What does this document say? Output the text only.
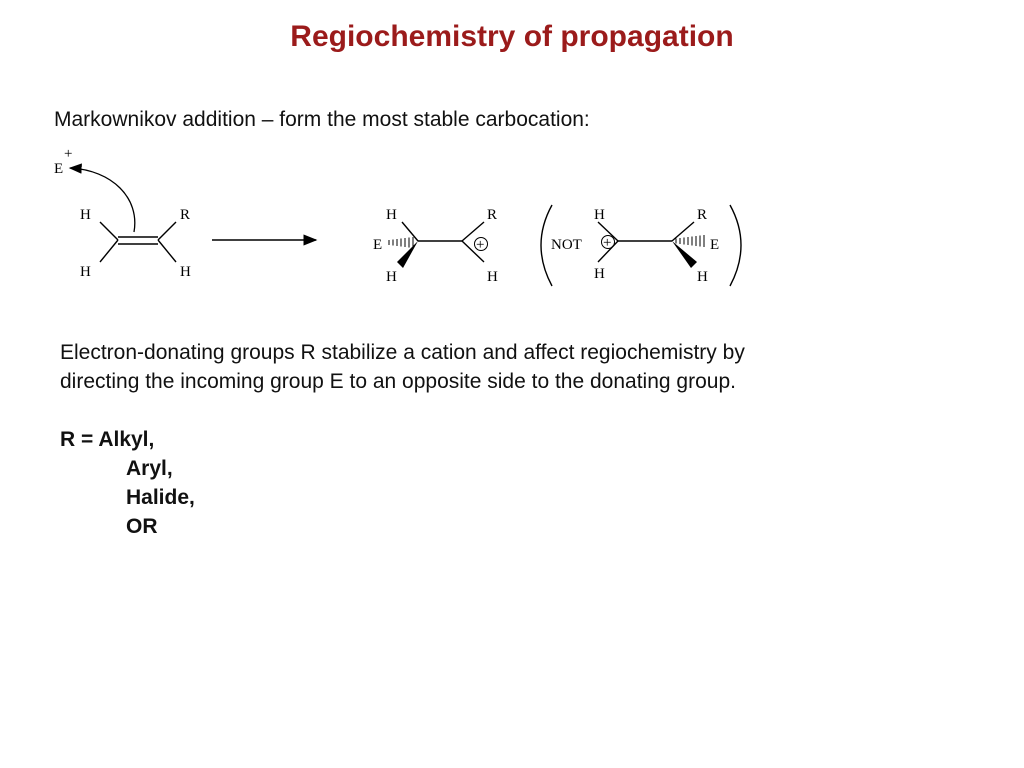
Regiochemistry of propagation
Markownikov addition – form the most stable carbocation:
E
+
H
H
R
H
+
H
E
H
R
H
NOT +
H
H
R
E
H
Electron-donating groups R stabilize a cation and affect regiochemistry by
directing the incoming group E to an opposite side to the donating group.
R = Alkyl,
Aryl,
Halide,
OR
